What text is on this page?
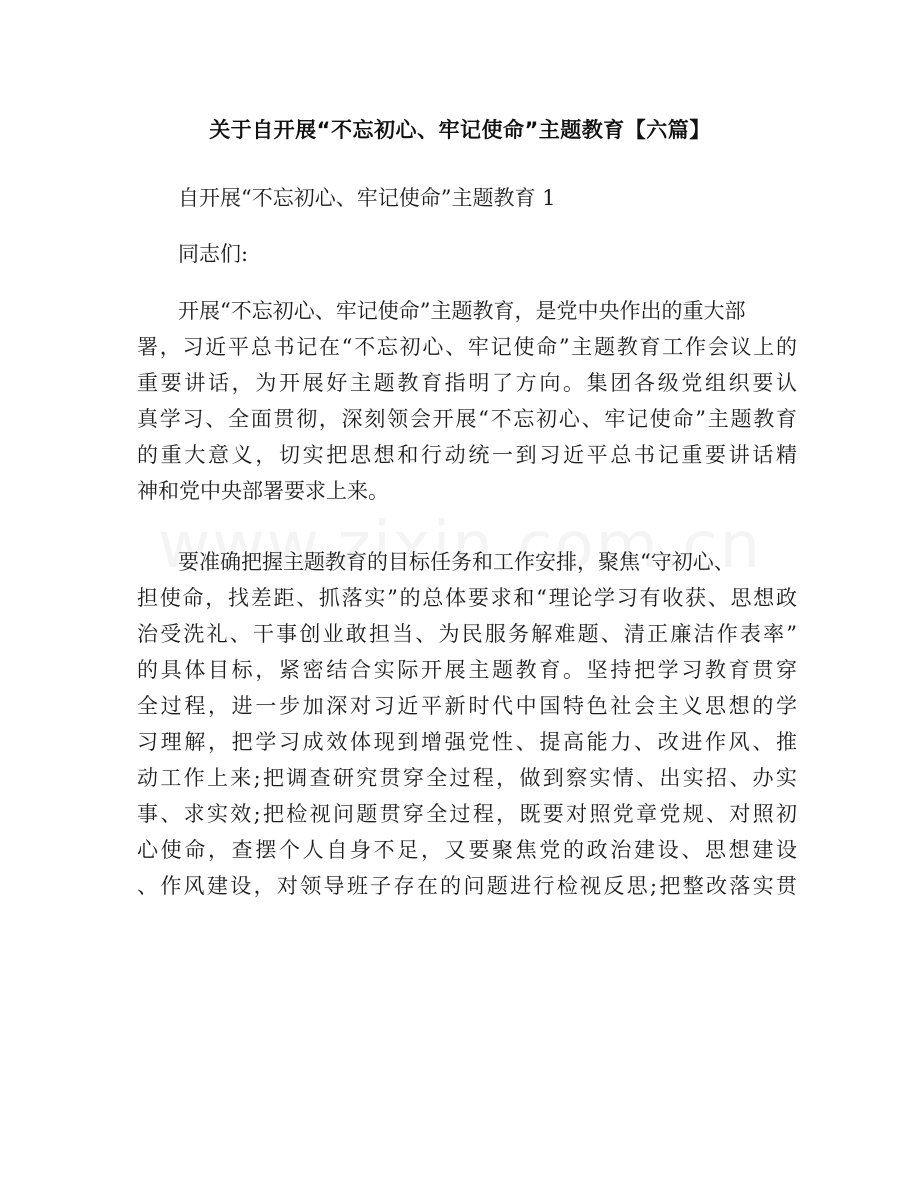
关于自开展“不忘初心、牢记使命”主题教育【六篇】
自开展“不忘初心、牢记使命”主题教育 1
同志们:
开展“不忘初心、牢记使命”主题教育，是党中央作出的重大部
署，习近平总书记在“不忘初心、牢记使命”主题教育工作会议上的
重要讲话，为开展好主题教育指明了方向。集团各级党组织要认
真学习、全面贯彻，深刻领会开展“不忘初心、牢记使命”主题教育
的重大意义，切实把思想和行动统一到习近平总书记重要讲话精
神和党中央部署要求上来。
要准确把握主题教育的目标任务和工作安排，聚焦“守初心、
担使命，找差距、抓落实”的总体要求和“理论学习有收获、思想政
治受洗礼、干事创业敢担当、为民服务解难题、清正廉洁作表率”
的具体目标，紧密结合实际开展主题教育。坚持把学习教育贯穿
全过程，进一步加深对习近平新时代中国特色社会主义思想的学
习理解，把学习成效体现到增强党性、提高能力、改进作风、推
动工作上来;把调查研究贯穿全过程，做到察实情、出实招、办实
事、求实效;把检视问题贯穿全过程，既要对照党章党规、对照初
心使命，查摆个人自身不足，又要聚焦党的政治建设、思想建设
、作风建设，对领导班子存在的问题进行检视反思;把整改落实贯
